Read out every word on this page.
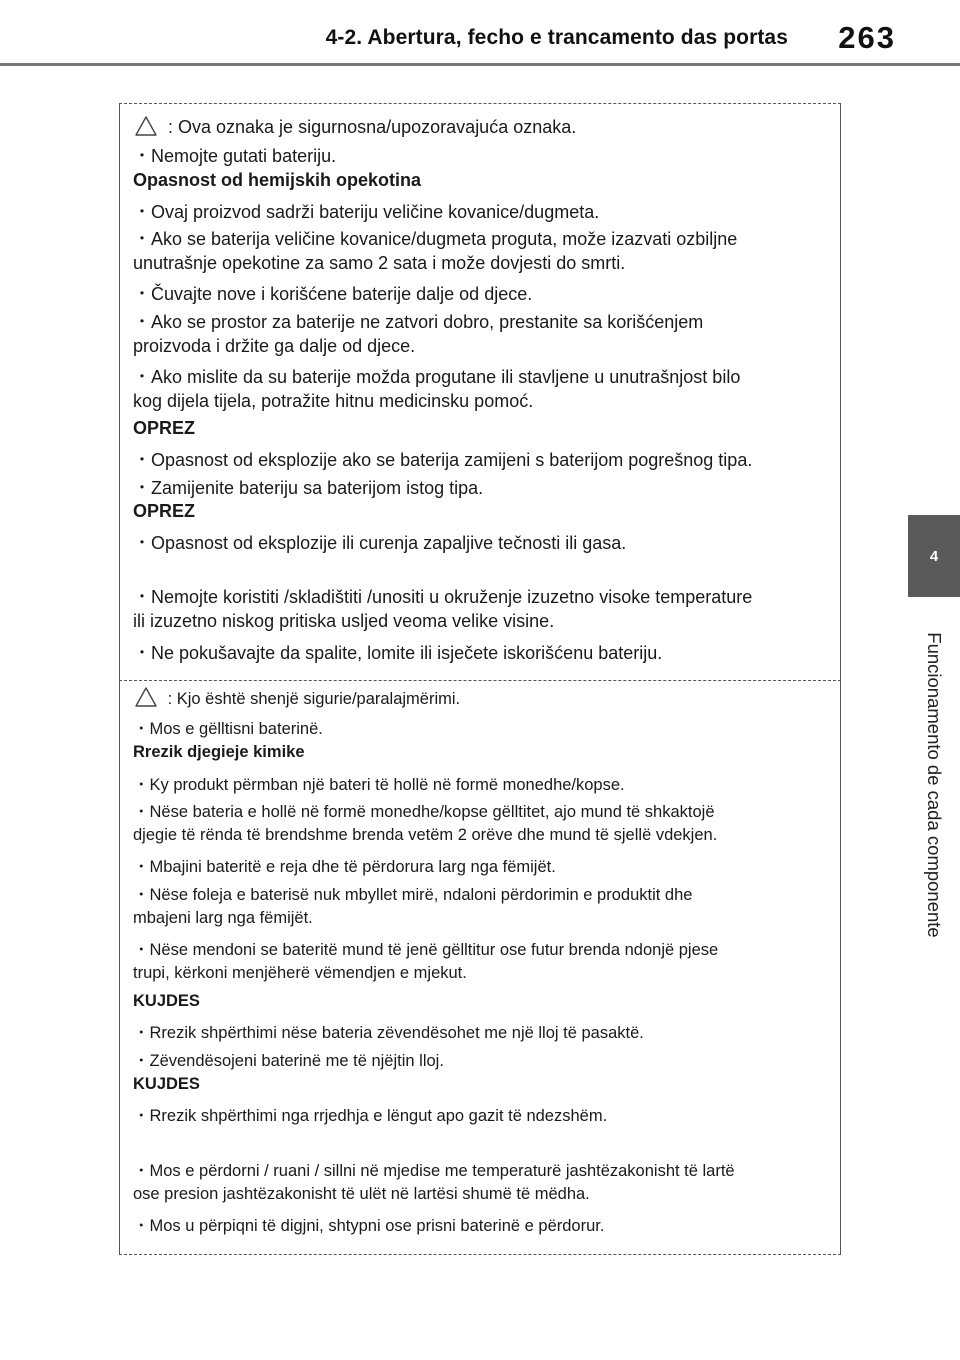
4-2. Abertura, fecho e trancamento das portas 263
4
Funcionamento de cada componente
: Ova oznaka je sigurnosna/upozoravajuća oznaka.
・Nemojte gutati bateriju.
Opasnost od hemijskih opekotina
・Ovaj proizvod sadrži bateriju veličine kovanice/dugmeta.
・Ako se baterija veličine kovanice/dugmeta proguta, može izazvati ozbiljne
unutrašnje opekotine za samo 2 sata i može dovjesti do smrti.
・Čuvajte nove i korišćene baterije dalje od djece.
・Ako se prostor za baterije ne zatvori dobro, prestanite sa korišćenjem
proizvoda i držite ga dalje od djece.
・Ako mislite da su baterije možda progutane ili stavljene u unutrašnjost bilo
kog dijela tijela, potražite hitnu medicinsku pomoć.
OPREZ
・Opasnost od eksplozije ako se baterija zamijeni s baterijom pogrešnog tipa.
・Zamijenite bateriju sa baterijom istog tipa.
OPREZ
・Opasnost od eksplozije ili curenja zapaljive tečnosti ili gasa.
・Nemojte koristiti /skladištiti /unositi u okruženje izuzetno visoke temperature
ili izuzetno niskog pritiska usljed veoma velike visine.
・Ne pokušavajte da spalite, lomite ili isječete iskorišćenu bateriju.
: Kjo është shenjë sigurie/paralajmërimi.
・Mos e gëlltisni baterinë.
Rrezik djegieje kimike
・Ky produkt përmban një bateri të hollë në formë monedhe/kopse.
・Nëse bateria e hollë në formë monedhe/kopse gëlltitet, ajo mund të shkaktojë
djegie të rënda të brendshme brenda vetëm 2 orëve dhe mund të sjellë vdekjen.
・Mbajini bateritë e reja dhe të përdorura larg nga fëmijët.
・Nëse foleja e baterisë nuk mbyllet mirë, ndaloni përdorimin e produktit dhe
mbajeni larg nga fëmijët.
・Nëse mendoni se bateritë mund të jenë gëlltitur ose futur brenda ndonjë pjese
trupi, kërkoni menjëherë vëmendjen e mjekut.
KUJDES
・Rrezik shpërthimi nëse bateria zëvendësohet me një lloj të pasaktë.
・Zëvendësojeni baterinë me të njëjtin lloj.
KUJDES
・Rrezik shpërthimi nga rrjedhja e lëngut apo gazit të ndezshëm.
・Mos e përdorni / ruani / sillni në mjedise me temperaturë jashtëzakonisht të lartë
ose presion jashtëzakonisht të ulët në lartësi shumë të mëdha.
・Mos u përpiqni të digjni, shtypni ose prisni baterinë e përdorur.
